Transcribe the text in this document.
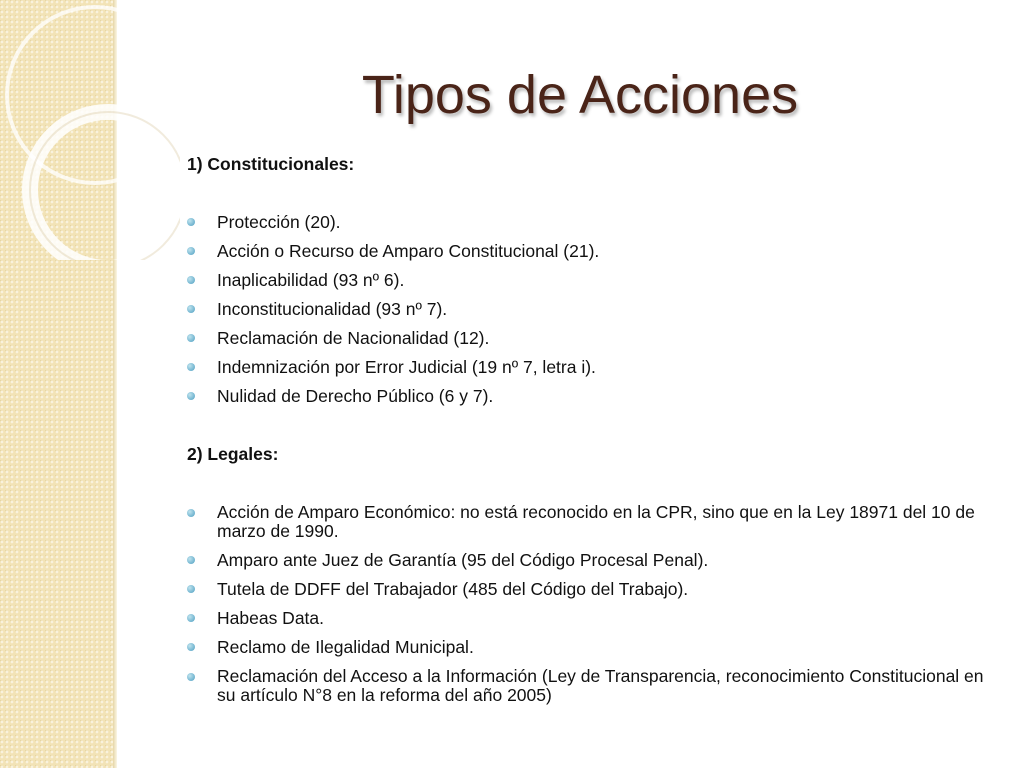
Tipos de Acciones

1) Constitucionales:

Protección (20).
Acción o Recurso de Amparo Constitucional (21).
Inaplicabilidad (93 nº 6).
Inconstitucionalidad (93 nº 7).
Reclamación de Nacionalidad (12).
Indemnización por Error Judicial (19 nº 7, letra i).
Nulidad de Derecho Público (6 y 7).

2) Legales:

Acción de Amparo Económico: no está reconocido en la CPR, sino que en la Ley 18971 del 10 de marzo de 1990.
Amparo ante Juez de Garantía (95 del Código Procesal Penal).
Tutela de DDFF del Trabajador (485 del Código del Trabajo).
Habeas Data.
Reclamo de Ilegalidad Municipal.
Reclamación del Acceso a la Información (Ley de Transparencia, reconocimiento Constitucional en su artículo N°8 en la reforma del año 2005)
